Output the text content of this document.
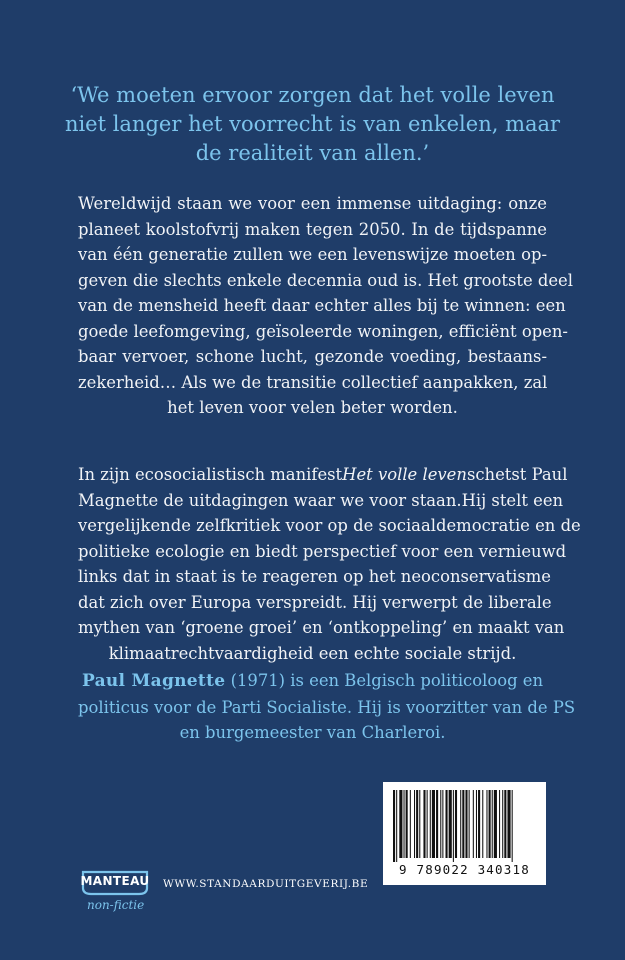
‘We moeten ervoor zorgen dat het volle leven
niet langer het voorrecht is van enkelen, maar
de realiteit van allen.’
Wereldwijd staan we voor een immense uitdaging: onze
planeet koolstofvrij maken tegen 2050. In de tijdspanne
van één generatie zullen we een levenswijze moeten op-
geven die slechts enkele decennia oud is. Het grootste deel
van de mensheid heeft daar echter alles bij te winnen: een
goede leefomgeving, geïsoleerde woningen, efficiënt open-
baar vervoer, schone lucht, gezonde voeding, bestaans-
zekerheid… Als we de transitie collectief aanpakken, zal
het leven voor velen beter worden.
In zijn ecosocialistisch manifest Het volle leven schetst Paul
Magnette de uitdagingen waar we voor staan.Hij stelt een
vergelijkende zelfkritiek voor op de sociaaldemocratie en de
politieke ecologie en biedt perspectief voor een vernieuwd
links dat in staat is te reageren op het neoconservatisme
dat zich over Europa verspreidt. Hij verwerpt de liberale
mythen van ‘groene groei’ en ‘ontkoppeling’ en maakt van
klimaatrechtvaardigheid een echte sociale strijd.
Paul Magnette (1971) is een Belgisch politicoloog en
politicus voor de Parti Socialiste. Hij is voorzitter van de PS
en burgemeester van Charleroi.
9 789022 340318
MANTEAU
non-fictie
WWW.STANDAARDUITGEVERIJ.BE
